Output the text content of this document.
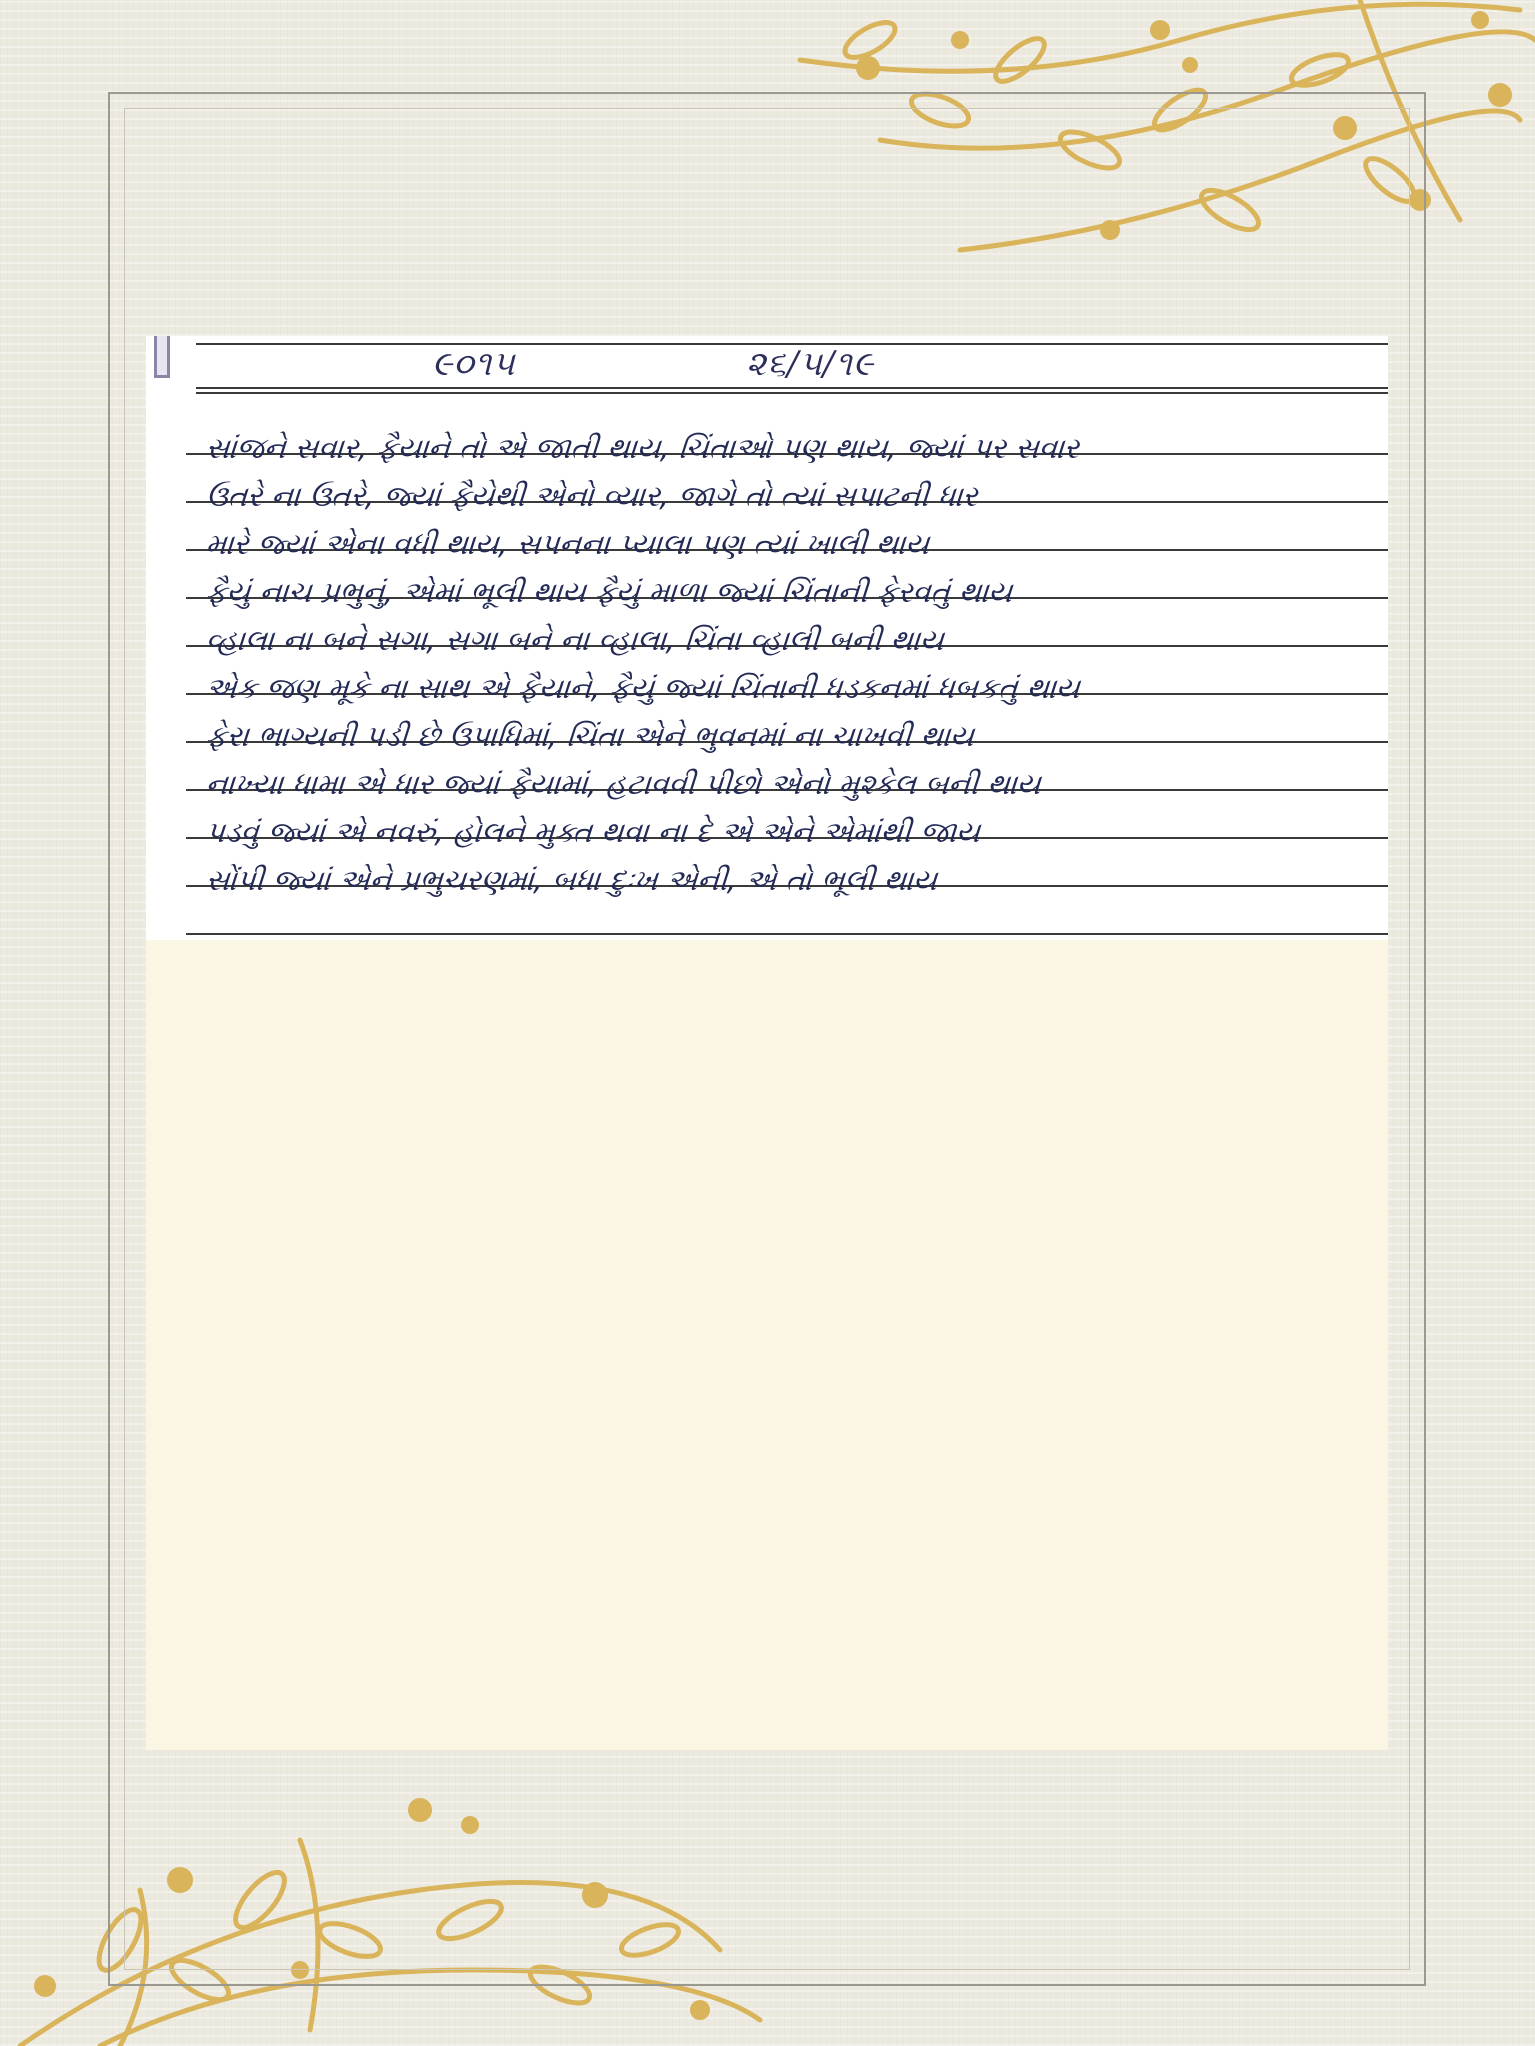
૯૦૧૫	૨૬/૫/૧૯
સાંજને સવાર, ફૈયાને તો એ જાતી થાય, ચિંતાઓ પણ થાય, જ્યાં પર સવાર
ઉતરે ના ઉતરે, જ્યાં ફૈયેથી એનો વ્યાર, જાગે તો ત્યાં સપાટની ધાર
મારે જ્યાં એના વધી થાય, સપનના પ્યાલા પણ ત્યાં ખાલી થાય
ફૈયું નાચ પ્રભુનું, એમાં ભૂલી થાય ફૈયું માળા જ્યાં ચિંતાની ફેરવતું થાય
વ્હાલા ના બને સગા, સગા બને ના વ્હાલા, ચિંતા વ્હાલી બની થાય
એક જણ મૂકે ના સાથ એ ફૈયાને, ફૈયું જ્યાં ચિંતાની ધડકનમાં ધબકતું થાય
ફેરા ભાગ્યની પડી છે ઉપાધિમાં, ચિંતા એને ભુવનમાં ના ચાખવી થાય
નાખ્યા ધામા એ ધાર જ્યાં ફૈયામાં, હટાવવી પીછો એનો મુશ્કેલ બની થાય
પડવું જ્યાં એ નવરું, હોલને મુક્ત થવા ના દે એ એને એમાંથી જાય
સોંપી જ્યાં એને પ્રભુચરણમાં, બધા દુઃખ એની, એ તો ભૂલી થાય
